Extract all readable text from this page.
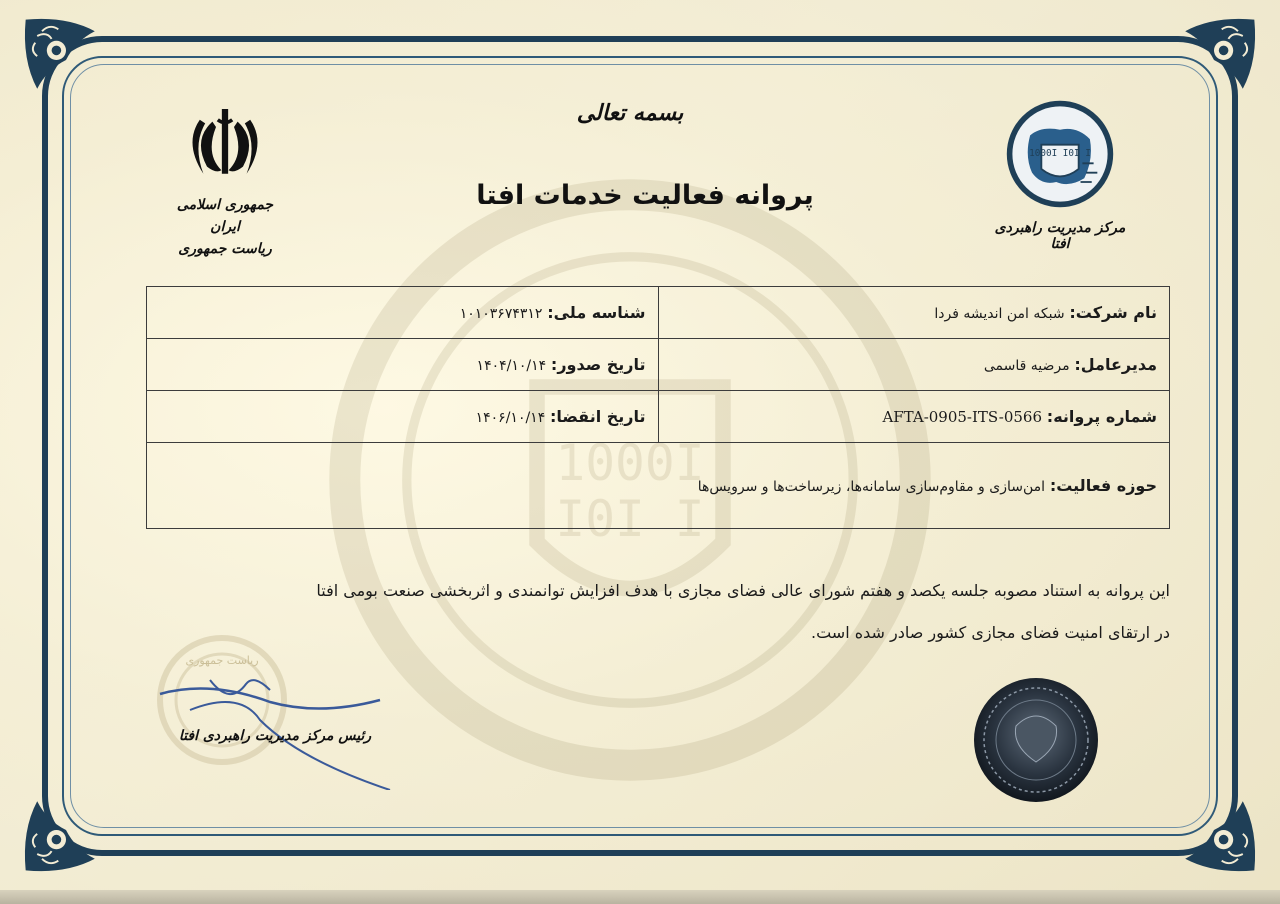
1000I
I0I I
بسمه تعالی
پروانه فعالیت خدمات افتا
جمهوری اسلامی ایران
ریاست جمهوری
1000I I0I I
مرکز مدیریت راهبردی افتا
نام شرکت: شبکه امن اندیشه فردا	شناسه ملی: ۱۰۱۰۳۶۷۴۳۱۲
مدیرعامل: مرضیه قاسمی	تاریخ صدور: ۱۴۰۴/۱۰/۱۴
شماره پروانه: AFTA-0905-ITS-0566	تاریخ انقضا: ۱۴۰۶/۱۰/۱۴
حوزه فعالیت: امن‌سازی و مقاوم‌سازی سامانه‌ها، زیرساخت‌ها و سرویس‌ها	
این پروانه به استناد مصوبه جلسه یکصد و هفتم شورای عالی فضای مجازی با هدف افزایش توانمندی و اثربخشی صنعت بومی افتا
در ارتقای امنیت فضای مجازی کشور صادر شده است.
ریاست جمهوری
رئیس مرکز مدیریت راهبردی افتا
